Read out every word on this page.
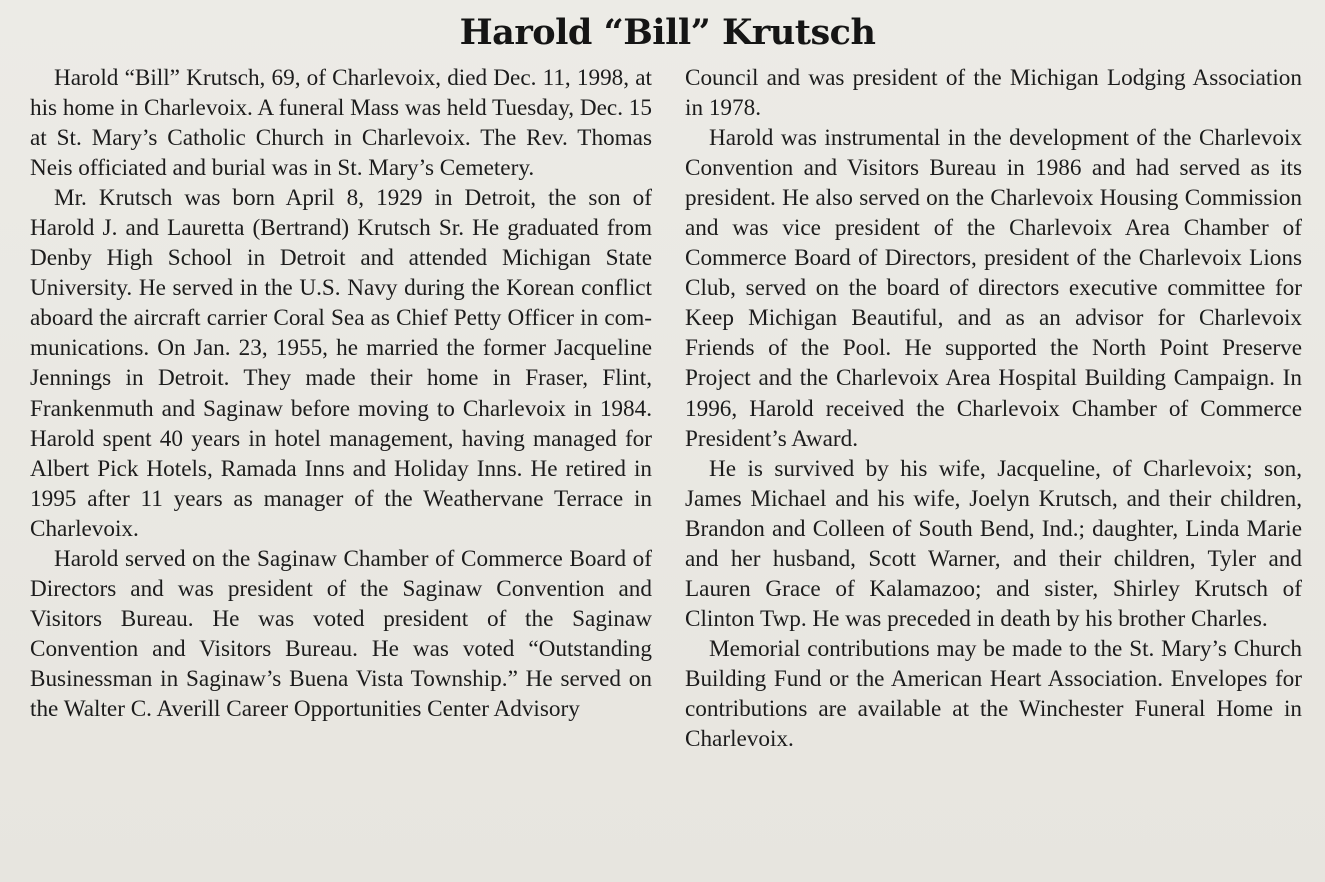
Harold “Bill” Krutsch

Harold “Bill” Krutsch, 69, of Charlevoix, died Dec. 11, 1998, at his home in Charlevoix. A funeral Mass was held Tuesday, Dec. 15 at St. Mary’s Catholic Church in Charlevoix. The Rev. Thomas Neis officiated and burial was in St. Mary’s Cemetery.

Mr. Krutsch was born April 8, 1929 in Detroit, the son of Harold J. and Lauretta (Bertrand) Krutsch Sr. He graduated from Denby High School in Detroit and attended Michigan State University. He served in the U.S. Navy during the Korean conflict aboard the aircraft carrier Coral Sea as Chief Petty Officer in communications. On Jan. 23, 1955, he married the former Jacqueline Jennings in Detroit. They made their home in Fraser, Flint, Frankenmuth and Saginaw before moving to Charlevoix in 1984. Harold spent 40 years in hotel management, having managed for Albert Pick Hotels, Ramada Inns and Holiday Inns. He retired in 1995 after 11 years as manager of the Weathervane Terrace in Charlevoix.

Harold served on the Saginaw Chamber of Commerce Board of Directors and was president of the Saginaw Convention and Visitors Bureau. He was voted president of the Saginaw Convention and Visitors Bureau. He was voted “Outstanding Businessman in Saginaw’s Buena Vista Township.” He served on the Walter C. Averill Career Opportunities Center Advisory

Council and was president of the Michigan Lodging Association in 1978.

Harold was instrumental in the development of the Charlevoix Convention and Visitors Bureau in 1986 and had served as its president. He also served on the Charlevoix Housing Commission and was vice president of the Charlevoix Area Chamber of Commerce Board of Directors, president of the Charlevoix Lions Club, served on the board of directors executive committee for Keep Michigan Beautiful, and as an advisor for Charlevoix Friends of the Pool. He supported the North Point Preserve Project and the Charlevoix Area Hospital Building Campaign. In 1996, Harold received the Charlevoix Chamber of Commerce President’s Award.

He is survived by his wife, Jacqueline, of Charlevoix; son, James Michael and his wife, Joelyn Krutsch, and their children, Brandon and Colleen of South Bend, Ind.; daughter, Linda Marie and her husband, Scott Warner, and their children, Tyler and Lauren Grace of Kalamazoo; and sister, Shirley Krutsch of Clinton Twp. He was preceded in death by his brother Charles.

Memorial contributions may be made to the St. Mary’s Church Building Fund or the American Heart Association. Envelopes for contributions are available at the Winchester Funeral Home in Charlevoix.
